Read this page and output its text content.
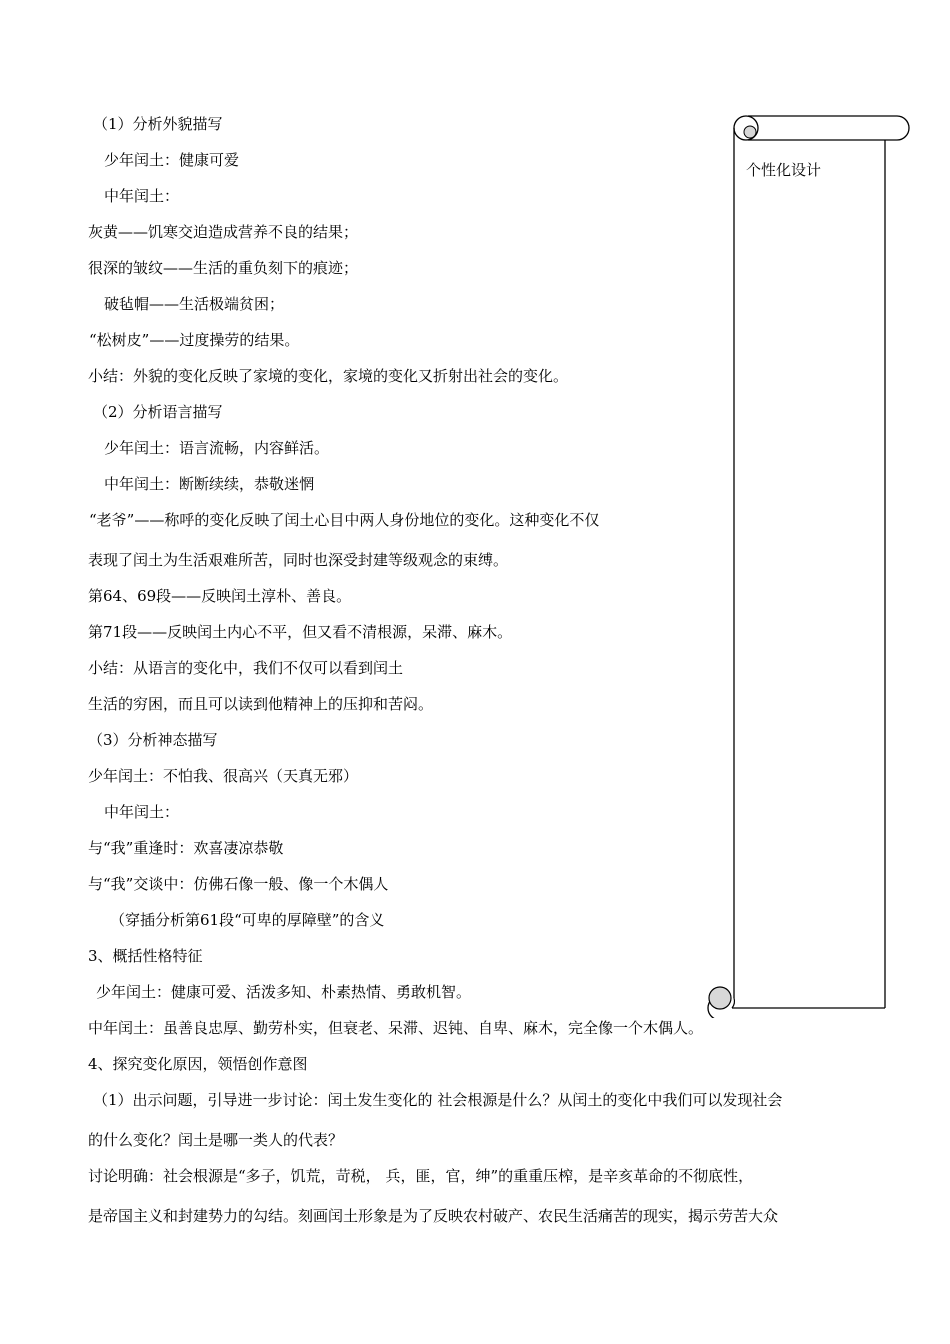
个性化设计
（1）分析外貌描写
少年闰土：健康可爱
中年闰土：
灰黄——饥寒交迫造成营养不良的结果；
很深的皱纹——生活的重负刻下的痕迹；
破毡帽——生活极端贫困；
“松树皮”——过度操劳的结果。
小结：外貌的变化反映了家境的变化，家境的变化又折射出社会的变化。
（2）分析语言描写
少年闰土：语言流畅，内容鲜活。
中年闰土：断断续续，恭敬迷惘
“老爷”——称呼的变化反映了闰土心目中两人身份地位的变化。这种变化不仅
表现了闰土为生活艰难所苦，同时也深受封建等级观念的束缚。
第64、69段——反映闰土淳朴、善良。
第71段——反映闰土内心不平，但又看不清根源，呆滞、麻木。
小结：从语言的变化中，我们不仅可以看到闰土
生活的穷困，而且可以读到他精神上的压抑和苦闷。
（3）分析神态描写
少年闰土：不怕我、很高兴（天真无邪）
中年闰土：
与“我”重逢时：欢喜凄凉恭敬
与“我”交谈中：仿佛石像一般、像一个木偶人
（穿插分析第61段“可卑的厚障壁”的含义
3、概括性格特征
少年闰土：健康可爱、活泼多知、朴素热情、勇敢机智。
中年闰土：虽善良忠厚、勤劳朴实，但衰老、呆滞、迟钝、自卑、麻木，完全像一个木偶人。
4、探究变化原因，领悟创作意图
（1）出示问题，引导进一步讨论：闰土发生变化的 社会根源是什么？从闰土的变化中我们可以发现社会
的什么变化？闰土是哪一类人的代表？
讨论明确：社会根源是“多子，饥荒，苛税， 兵，匪，官，绅”的重重压榨，是辛亥革命的不彻底性，
是帝国主义和封建势力的勾结。刻画闰土形象是为了反映农村破产、农民生活痛苦的现实，揭示劳苦大众
